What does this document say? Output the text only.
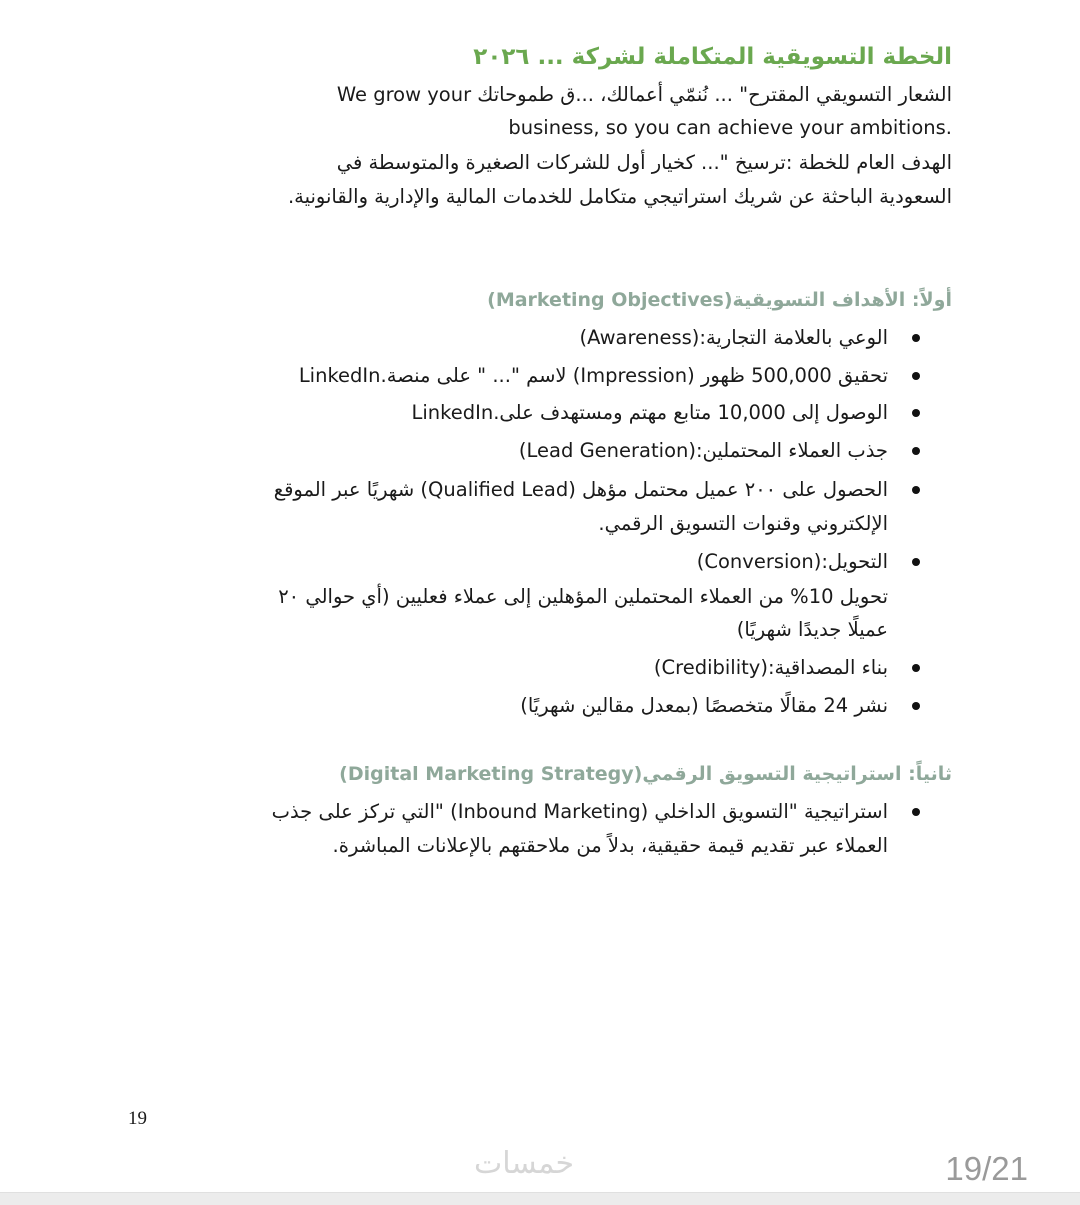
الخطة التسويقية المتكاملة لشركة ... ٢٠٢٦
الشعار التسويقي المقترح" ... نُنمّي أعمالك، ...ق طموحاتك We grow your
business, so you can achieve your ambitions.
الهدف العام للخطة :ترسيخ "... كخيار أول للشركات الصغيرة والمتوسطة في
السعودية الباحثة عن شريك استراتيجي متكامل للخدمات المالية والإدارية والقانونية.
أولاً: الأهداف التسويقية(Marketing Objectives)
الوعي بالعلامة التجارية:(Awareness)
تحقيق 500,000 ظهور (Impression) لاسم "... " على منصة.LinkedIn
الوصول إلى 10,000 متابع مهتم ومستهدف على.LinkedIn
جذب العملاء المحتملين:(Lead Generation)
الحصول على ٢٠٠ عميل محتمل مؤهل (Qualified Lead) شهريًا عبر الموقع
الإلكتروني وقنوات التسويق الرقمي.
التحويل:(Conversion)
تحويل 10% من العملاء المحتملين المؤهلين إلى عملاء فعليين (أي حوالي ٢٠
عميلًا جديدًا شهريًا)
بناء المصداقية:(Credibility)
نشر 24 مقالًا متخصصًا (بمعدل مقالين شهريًا)
ثانياً: استراتيجية التسويق الرقمي(Digital Marketing Strategy)
استراتيجية "التسويق الداخلي (Inbound Marketing) "التي تركز على جذب
العملاء عبر تقديم قيمة حقيقية، بدلاً من ملاحقتهم بالإعلانات المباشرة.
19
خمسات	19/21
